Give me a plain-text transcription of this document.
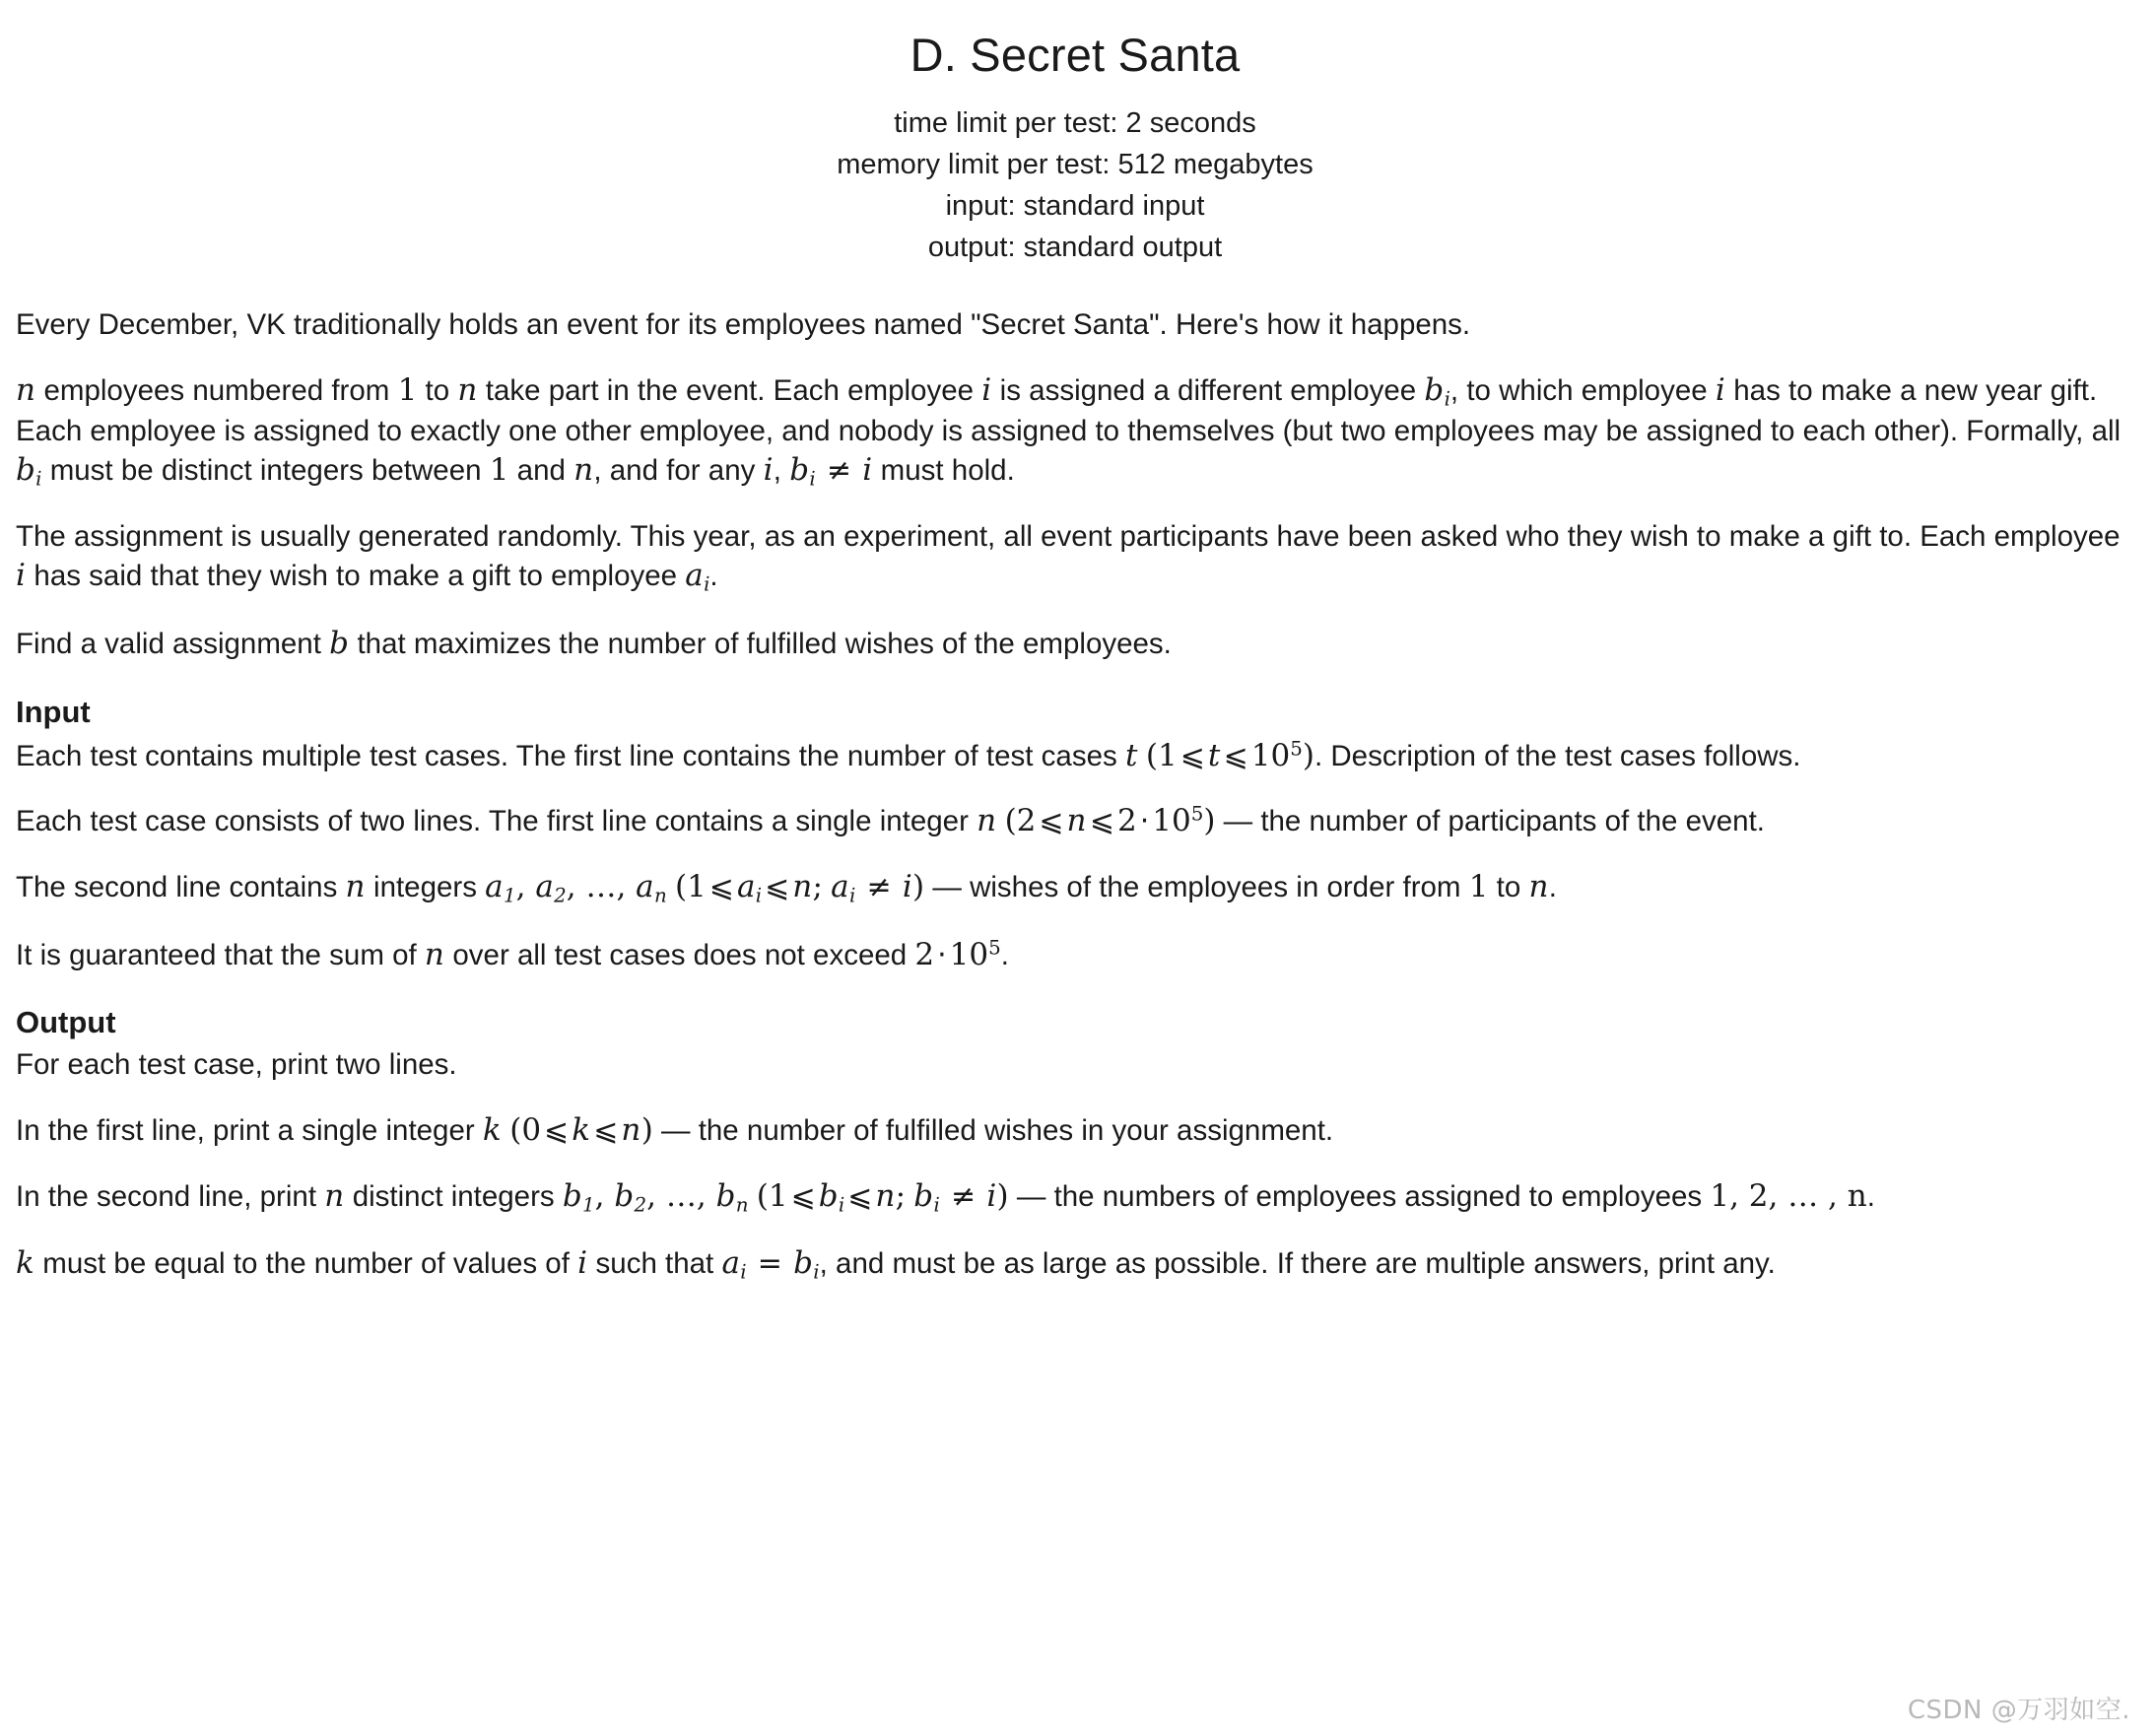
D. Secret Santa
time limit per test: 2 seconds
memory limit per test: 512 megabytes
input: standard input
output: standard output

Every December, VK traditionally holds an event for its employees named "Secret Santa". Here's how it happens.

n employees numbered from 1 to n take part in the event. Each employee i is assigned a different employee $b_i$, to which employee i has to make a new year gift. Each employee is assigned to exactly one other employee, and nobody is assigned to themselves (but two employees may be assigned to each other). Formally, all $b_i$ must be distinct integers between 1 and n, and for any i, $b_i \ne i$ must hold.

The assignment is usually generated randomly. This year, as an experiment, all event participants have been asked who they wish to make a gift to. Each employee i has said that they wish to make a gift to employee $a_i$.

Find a valid assignment b that maximizes the number of fulfilled wishes of the employees.

Input

Each test contains multiple test cases. The first line contains the number of test cases t (1 ⩽t $⩽10^5$). Description of the test cases follows.

Each test case consists of two lines. The first line contains a single integer n (2 ⩽n ⩽2 $\cdot 10^5$) — the number of participants of the event.

The second line contains n integers $a_1$, $a_2$, …, $a_n$ (1 $⩽a_i$ ⩽n; $a_i \ne i$) — wishes of the employees in order from 1 to n.

It is guaranteed that the sum of n over all test cases does not exceed $2 \cdot 10^5$.

Output

For each test case, print two lines.

In the first line, print a single integer k (0 ⩽k ⩽n) — the number of fulfilled wishes in your assignment.

In the second line, print n distinct integers $b_1$, $b_2$, …, $b_n$ (1 $⩽b_i$ ⩽n; $b_i \ne i$) — the numbers of employees assigned to employees 1, 2, … , n.

k must be equal to the number of values of i such that $a_i = b_i$, and must be as large as possible. If there are multiple answers, print any.

CSDN @万羽如空.
